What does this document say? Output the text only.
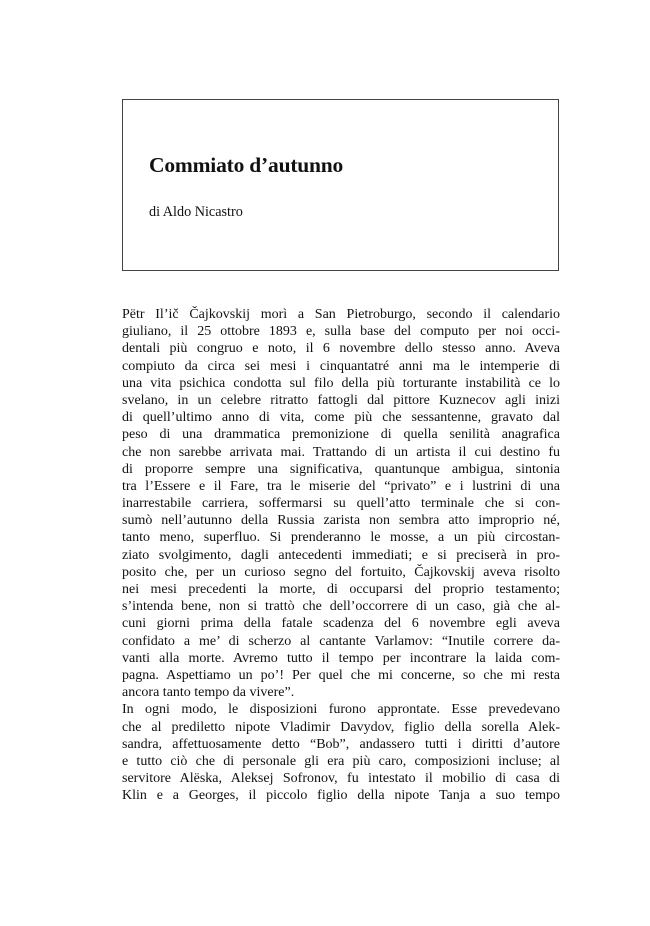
Commiato d’autunno

di Aldo Nicastro

Pëtr Il’ič Čajkovskij morì a San Pietroburgo, secondo il calendario
giuliano, il 25 ottobre 1893 e, sulla base del computo per noi occi-
dentali più congruo e noto, il 6 novembre dello stesso anno. Aveva
compiuto da circa sei mesi i cinquantatré anni ma le intemperie di
una vita psichica condotta sul filo della più torturante instabilità ce lo
svelano, in un celebre ritratto fattogli dal pittore Kuznecov agli inizi
di quell’ultimo anno di vita, come più che sessantenne, gravato dal
peso di una drammatica premonizione di quella senilità anagrafica
che non sarebbe arrivata mai. Trattando di un artista il cui destino fu
di proporre sempre una significativa, quantunque ambigua, sintonia
tra l’Essere e il Fare, tra le miserie del “privato” e i lustrini di una
inarrestabile carriera, soffermarsi su quell’atto terminale che si con-
sumò nell’autunno della Russia zarista non sembra atto improprio né,
tanto meno, superfluo. Si prenderanno le mosse, a un più circostan-
ziato svolgimento, dagli antecedenti immediati; e si preciserà in pro-
posito che, per un curioso segno del fortuito, Čajkovskij aveva risolto
nei mesi precedenti la morte, di occuparsi del proprio testamento;
s’intenda bene, non si trattò che dell’occorrere di un caso, già che al-
cuni giorni prima della fatale scadenza del 6 novembre egli aveva
confidato a me’ di scherzo al cantante Varlamov: “Inutile correre da-
vanti alla morte. Avremo tutto il tempo per incontrare la laida com-
pagna. Aspettiamo un po’! Per quel che mi concerne, so che mi resta
ancora tanto tempo da vivere”.
In ogni modo, le disposizioni furono approntate. Esse prevedevano
che al prediletto nipote Vladimir Davydov, figlio della sorella Alek-
sandra, affettuosamente detto “Bob”, andassero tutti i diritti d’autore
e tutto ciò che di personale gli era più caro, composizioni incluse; al
servitore Alëska, Aleksej Sofronov, fu intestato il mobilio di casa di
Klin e a Georges, il piccolo figlio della nipote Tanja a suo tempo
